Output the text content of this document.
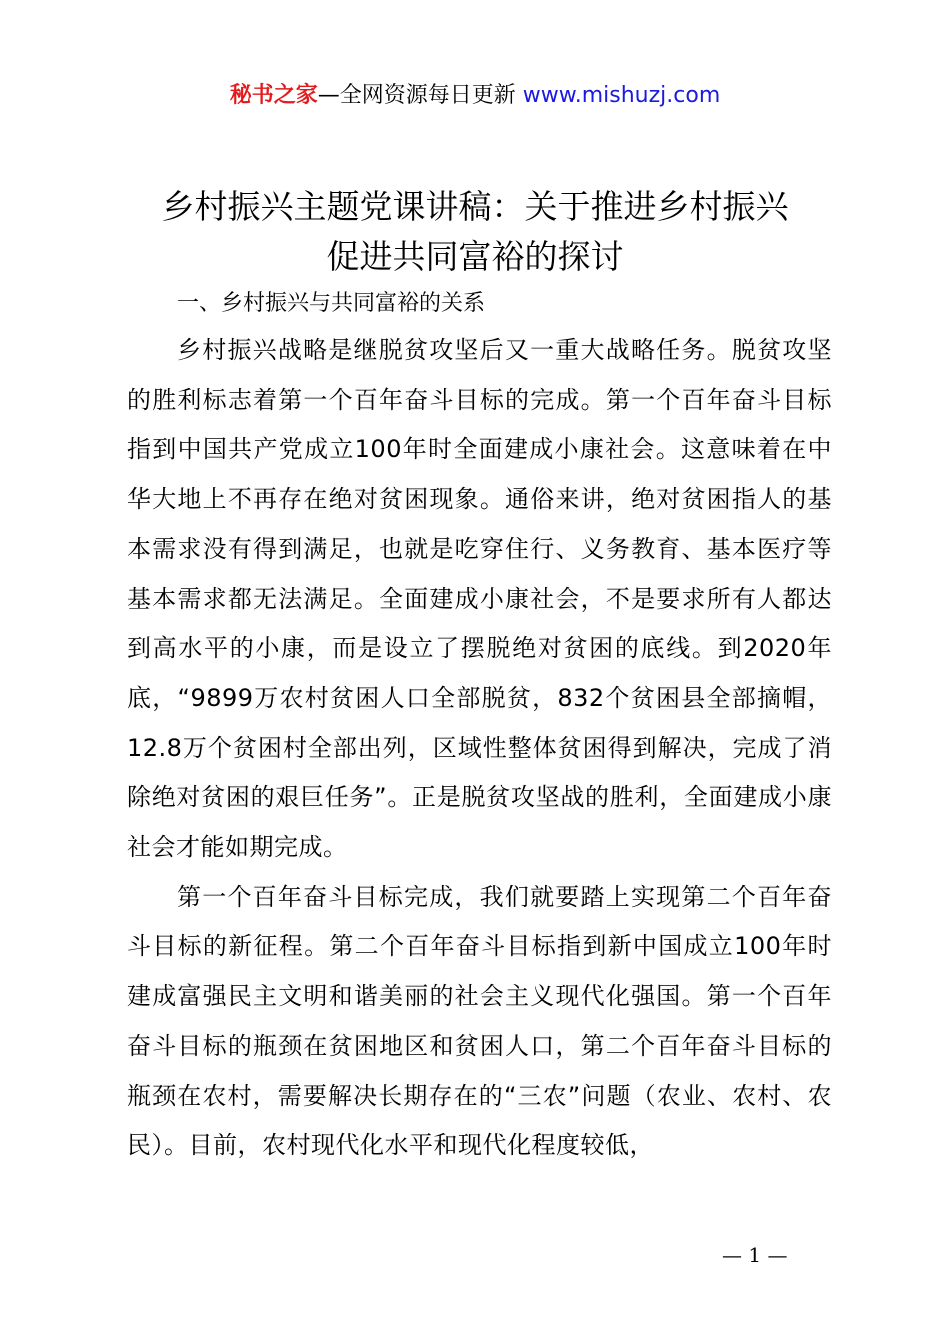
秘书之家—全网资源每日更新 www.mishuzj.com
乡村振兴主题党课讲稿：关于推进乡村振兴
促进共同富裕的探讨

一、乡村振兴与共同富裕的关系

乡村振兴战略是继脱贫攻坚后又一重大战略任务。脱贫攻坚的胜利标志着第一个百年奋斗目标的完成。第一个百年奋斗目标指到中国共产党成立100年时全面建成小康社会。这意味着在中华大地上不再存在绝对贫困现象。通俗来讲，绝对贫困指人的基本需求没有得到满足，也就是吃穿住行、义务教育、基本医疗等基本需求都无法满足。全面建成小康社会，不是要求所有人都达到高水平的小康，而是设立了摆脱绝对贫困的底线。到2020年底，“9899万农村贫困人口全部脱贫，832个贫困县全部摘帽，12.8万个贫困村全部出列，区域性整体贫困得到解决，完成了消除绝对贫困的艰巨任务”。正是脱贫攻坚战的胜利，全面建成小康社会才能如期完成。

第一个百年奋斗目标完成，我们就要踏上实现第二个百年奋斗目标的新征程。第二个百年奋斗目标指到新中国成立100年时建成富强民主文明和谐美丽的社会主义现代化强国。第一个百年奋斗目标的瓶颈在贫困地区和贫困人口，第二个百年奋斗目标的瓶颈在农村，需要解决长期存在的“三农”问题（农业、农村、农民）。目前，农村现代化水平和现代化程度较低，

— 1 —
